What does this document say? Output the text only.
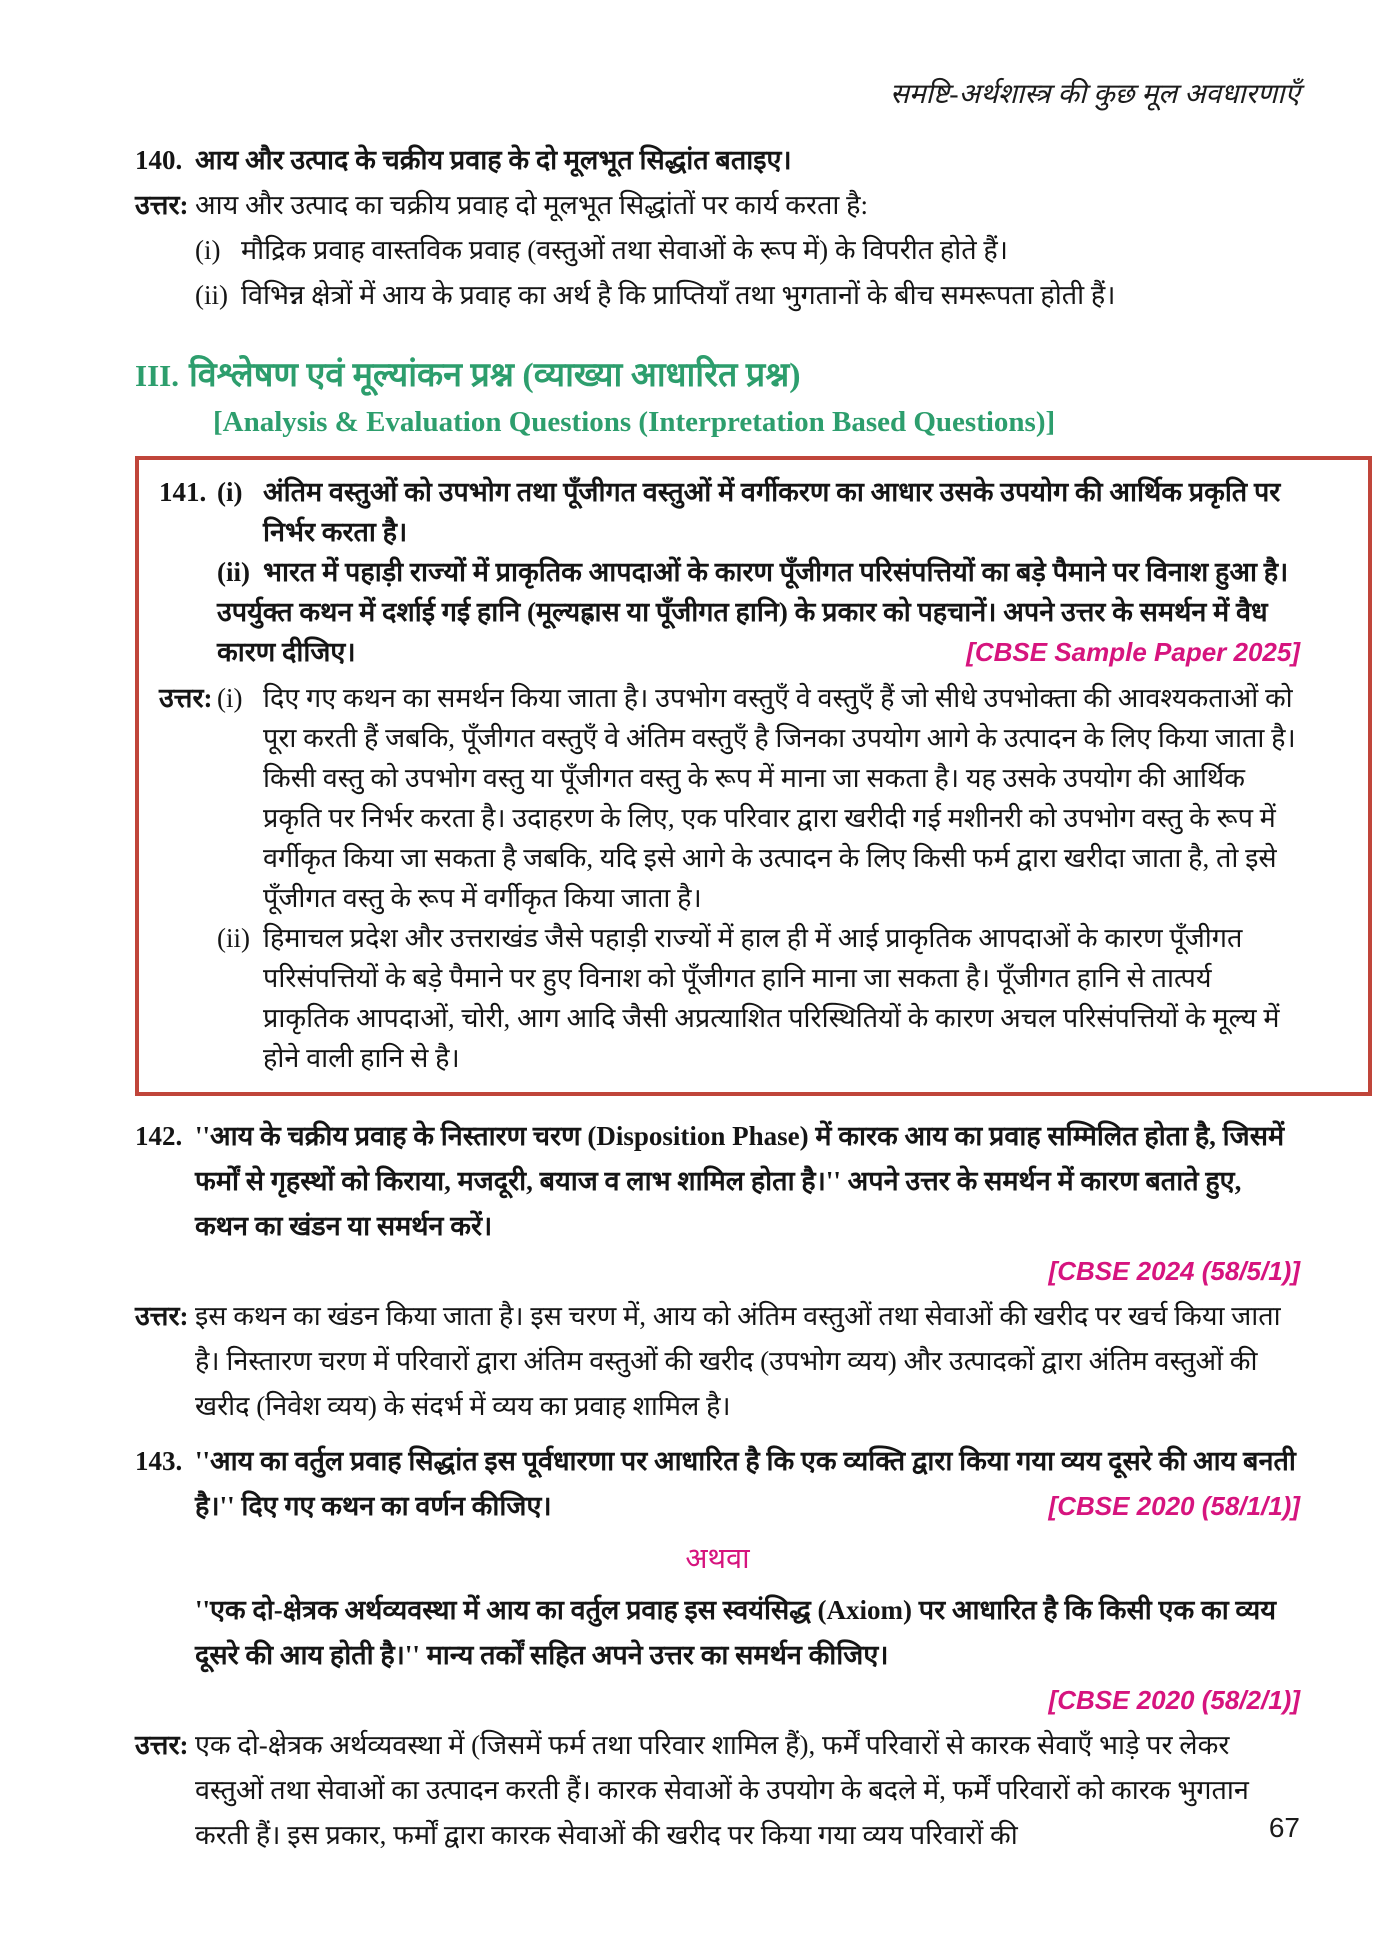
समष्टि-अर्थशास्त्र की कुछ मूल अवधारणाएँ
140. आय और उत्पाद के चक्रीय प्रवाह के दो मूलभूत सिद्धांत बताइए।
उत्तर: आय और उत्पाद का चक्रीय प्रवाह दो मूलभूत सिद्धांतों पर कार्य करता है:
(i) मौद्रिक प्रवाह वास्तविक प्रवाह (वस्तुओं तथा सेवाओं के रूप में) के विपरीत होते हैं।
(ii) विभिन्न क्षेत्रों में आय के प्रवाह का अर्थ है कि प्राप्तियाँ तथा भुगतानों के बीच समरूपता होती हैं।
III. विश्लेषण एवं मूल्यांकन प्रश्न (व्याख्या आधारित प्रश्न)
[Analysis & Evaluation Questions (Interpretation Based Questions)]
141. (i) अंतिम वस्तुओं को उपभोग तथा पूँजीगत वस्तुओं में वर्गीकरण का आधार उसके उपयोग की आर्थिक प्रकृति पर निर्भर करता है।
(ii) भारत में पहाड़ी राज्यों में प्राकृतिक आपदाओं के कारण पूँजीगत परिसंपत्तियों का बड़े पैमाने पर विनाश हुआ है।
उपर्युक्त कथन में दर्शाई गई हानि (मूल्यह्रास या पूँजीगत हानि) के प्रकार को पहचानें। अपने उत्तर के समर्थन में वैध कारण दीजिए।	[CBSE Sample Paper 2025]
उत्तर: (i) दिए गए कथन का समर्थन किया जाता है। उपभोग वस्तुएँ वे वस्तुएँ हैं जो सीधे उपभोक्ता की आवश्यकताओं को पूरा करती हैं जबकि, पूँजीगत वस्तुएँ वे अंतिम वस्तुएँ है जिनका उपयोग आगे के उत्पादन के लिए किया जाता है। किसी वस्तु को उपभोग वस्तु या पूँजीगत वस्तु के रूप में माना जा सकता है। यह उसके उपयोग की आर्थिक प्रकृति पर निर्भर करता है। उदाहरण के लिए, एक परिवार द्वारा खरीदी गई मशीनरी को उपभोग वस्तु के रूप में वर्गीकृत किया जा सकता है जबकि, यदि इसे आगे के उत्पादन के लिए किसी फर्म द्वारा खरीदा जाता है, तो इसे पूँजीगत वस्तु के रूप में वर्गीकृत किया जाता है।
(ii) हिमाचल प्रदेश और उत्तराखंड जैसे पहाड़ी राज्यों में हाल ही में आई प्राकृतिक आपदाओं के कारण पूँजीगत परिसंपत्तियों के बड़े पैमाने पर हुए विनाश को पूँजीगत हानि माना जा सकता है। पूँजीगत हानि से तात्पर्य प्राकृतिक आपदाओं, चोरी, आग आदि जैसी अप्रत्याशित परिस्थितियों के कारण अचल परिसंपत्तियों के मूल्य में होने वाली हानि से है।
142. ''आय के चक्रीय प्रवाह के निस्तारण चरण (Disposition Phase) में कारक आय का प्रवाह सम्मिलित होता है, जिसमें फर्मों से गृहस्थों को किराया, मजदूरी, बयाज व लाभ शामिल होता है।'' अपने उत्तर के समर्थन में कारण बताते हुए, कथन का खंडन या समर्थन करें।
[CBSE 2024 (58/5/1)]
उत्तर: इस कथन का खंडन किया जाता है। इस चरण में, आय को अंतिम वस्तुओं तथा सेवाओं की खरीद पर खर्च किया जाता है। निस्तारण चरण में परिवारों द्वारा अंतिम वस्तुओं की खरीद (उपभोग व्यय) और उत्पादकों द्वारा अंतिम वस्तुओं की खरीद (निवेश व्यय) के संदर्भ में व्यय का प्रवाह शामिल है।
143. ''आय का वर्तुल प्रवाह सिद्धांत इस पूर्वधारणा पर आधारित है कि एक व्यक्ति द्वारा किया गया व्यय दूसरे की आय बनती है।'' दिए गए कथन का वर्णन कीजिए।	[CBSE 2020 (58/1/1)]
अथवा
''एक दो-क्षेत्रक अर्थव्यवस्था में आय का वर्तुल प्रवाह इस स्वयंसिद्ध (Axiom) पर आधारित है कि किसी एक का व्यय दूसरे की आय होती है।'' मान्य तर्कों सहित अपने उत्तर का समर्थन कीजिए।
[CBSE 2020 (58/2/1)]
उत्तर: एक दो-क्षेत्रक अर्थव्यवस्था में (जिसमें फर्म तथा परिवार शामिल हैं), फर्में परिवारों से कारक सेवाएँ भाड़े पर लेकर वस्तुओं तथा सेवाओं का उत्पादन करती हैं। कारक सेवाओं के उपयोग के बदले में, फर्में परिवारों को कारक भुगतान करती हैं। इस प्रकार, फर्मों द्वारा कारक सेवाओं की खरीद पर किया गया व्यय परिवारों की	67
